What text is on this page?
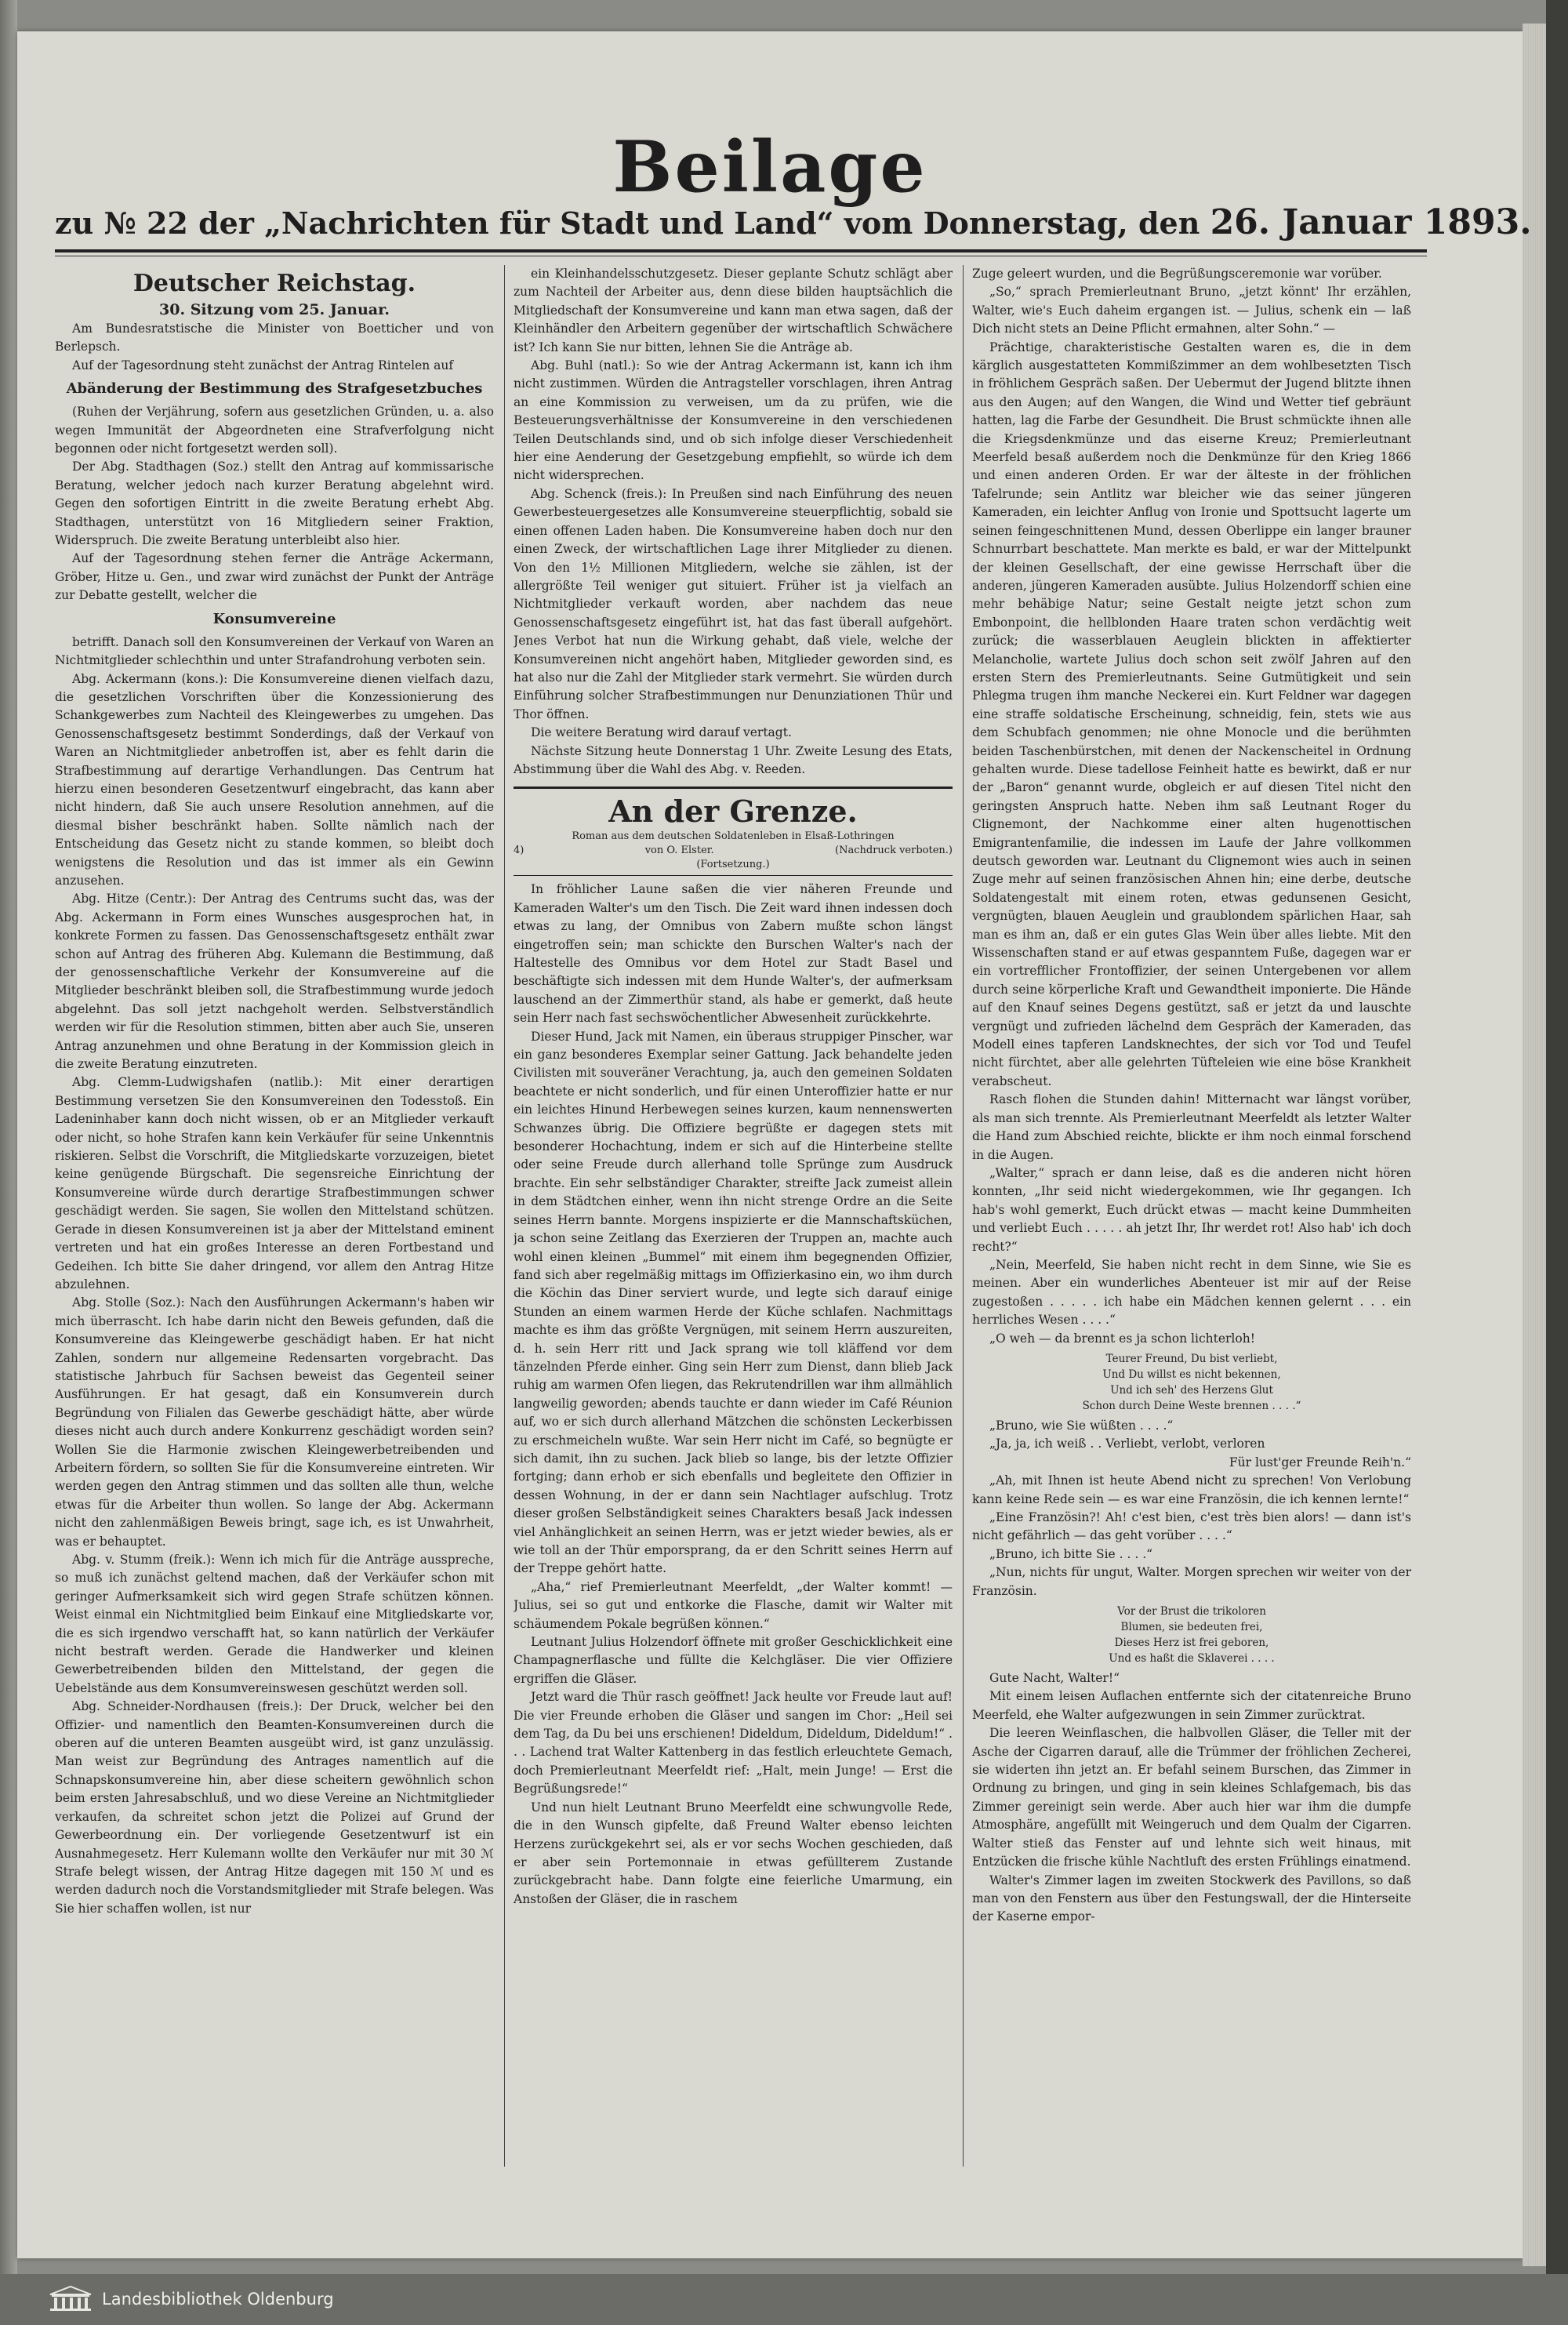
Beilage
zu № 22 der „Nachrichten für Stadt und Land“ vom Donnerstag, den 26. Januar 1893.
Deutscher Reichstag.
30. Sitzung vom 25. Januar.

Am Bundesratstische die Minister von Boetticher und von Berlepsch.

Auf der Tagesordnung steht zunächst der Antrag Rintelen auf

Abänderung der Bestimmung des Strafgesetzbuches

(Ruhen der Verjährung, sofern aus gesetzlichen Gründen, u. a. also wegen Immunität der Abgeordneten eine Strafverfolgung nicht begonnen oder nicht fortgesetzt werden soll).

Der Abg. Stadthagen (Soz.) stellt den Antrag auf kommissarische Beratung, welcher jedoch nach kurzer Beratung abgelehnt wird. Gegen den sofortigen Eintritt in die zweite Beratung erhebt Abg. Stadthagen, unterstützt von 16 Mitgliedern seiner Fraktion, Widerspruch. Die zweite Beratung unterbleibt also hier.

Auf der Tagesordnung stehen ferner die Anträge Ackermann, Gröber, Hitze u. Gen., und zwar wird zunächst der Punkt der Anträge zur Debatte gestellt, welcher die

Konsumvereine

betrifft. Danach soll den Konsumvereinen der Verkauf von Waren an Nichtmitglieder schlechthin und unter Strafandrohung verboten sein.

Abg. Ackermann (kons.): Die Konsumvereine dienen vielfach dazu, die gesetzlichen Vorschriften über die Konzessionierung des Schankgewerbes zum Nachteil des Kleingewerbes zu umgehen. Das Genossenschaftsgesetz bestimmt Sonderdings, daß der Verkauf von Waren an Nichtmitglieder anbetroffen ist, aber es fehlt darin die Strafbestimmung auf derartige Verhandlungen. Das Centrum hat hierzu einen besonderen Gesetzentwurf eingebracht, das kann aber nicht hindern, daß Sie auch unsere Resolution annehmen, auf die diesmal bisher beschränkt haben. Sollte nämlich nach der Entscheidung das Gesetz nicht zu stande kommen, so bleibt doch wenigstens die Resolution und das ist immer als ein Gewinn anzusehen.

Abg. Hitze (Centr.): Der Antrag des Centrums sucht das, was der Abg. Ackermann in Form eines Wunsches ausgesprochen hat, in konkrete Formen zu fassen. Das Genossenschaftsgesetz enthält zwar schon auf Antrag des früheren Abg. Kulemann die Bestimmung, daß der genossenschaftliche Verkehr der Konsumvereine auf die Mitglieder beschränkt bleiben soll, die Strafbestimmung wurde jedoch abgelehnt. Das soll jetzt nachgeholt werden. Selbstverständlich werden wir für die Resolution stimmen, bitten aber auch Sie, unseren Antrag anzunehmen und ohne Beratung in der Kommission gleich in die zweite Beratung einzutreten.

Abg. Clemm-Ludwigshafen (natlib.): Mit einer derartigen Bestimmung versetzen Sie den Konsumvereinen den Todesstoß. Ein Ladeninhaber kann doch nicht wissen, ob er an Mitglieder verkauft oder nicht, so hohe Strafen kann kein Verkäufer für seine Unkenntnis riskieren. Selbst die Vorschrift, die Mitgliedskarte vorzuzeigen, bietet keine genügende Bürgschaft. Die segensreiche Einrichtung der Konsumvereine würde durch derartige Strafbestimmungen schwer geschädigt werden. Sie sagen, Sie wollen den Mittelstand schützen. Gerade in diesen Konsumvereinen ist ja aber der Mittelstand eminent vertreten und hat ein großes Interesse an deren Fortbestand und Gedeihen. Ich bitte Sie daher dringend, vor allem den Antrag Hitze abzulehnen.

Abg. Stolle (Soz.): Nach den Ausführungen Ackermann's haben wir mich überrascht. Ich habe darin nicht den Beweis gefunden, daß die Konsumvereine das Kleingewerbe geschädigt haben. Er hat nicht Zahlen, sondern nur allgemeine Redensarten vorgebracht. Das statistische Jahrbuch für Sachsen beweist das Gegenteil seiner Ausführungen. Er hat gesagt, daß ein Konsumverein durch Begründung von Filialen das Gewerbe geschädigt hätte, aber würde dieses nicht auch durch andere Konkurrenz geschädigt worden sein? Wollen Sie die Harmonie zwischen Kleingewerbetreibenden und Arbeitern fördern, so sollten Sie für die Konsumvereine eintreten. Wir werden gegen den Antrag stimmen und das sollten alle thun, welche etwas für die Arbeiter thun wollen. So lange der Abg. Ackermann nicht den zahlenmäßigen Beweis bringt, sage ich, es ist Unwahrheit, was er behauptet.

Abg. v. Stumm (freik.): Wenn ich mich für die Anträge ausspreche, so muß ich zunächst geltend machen, daß der Verkäufer schon mit geringer Aufmerksamkeit sich wird gegen Strafe schützen können. Weist einmal ein Nichtmitglied beim Einkauf eine Mitgliedskarte vor, die es sich irgendwo verschafft hat, so kann natürlich der Verkäufer nicht bestraft werden. Gerade die Handwerker und kleinen Gewerbetreibenden bilden den Mittelstand, der gegen die Uebelstände aus dem Konsumvereinswesen geschützt werden soll.

Abg. Schneider-Nordhausen (freis.): Der Druck, welcher bei den Offizier- und namentlich den Beamten-Konsumvereinen durch die oberen auf die unteren Beamten ausgeübt wird, ist ganz unzulässig. Man weist zur Begründung des Antrages namentlich auf die Schnapskonsumvereine hin, aber diese scheitern gewöhnlich schon beim ersten Jahresabschluß, und wo diese Vereine an Nichtmitglieder verkaufen, da schreitet schon jetzt die Polizei auf Grund der Gewerbeordnung ein. Der vorliegende Gesetzentwurf ist ein Ausnahmegesetz. Herr Kulemann wollte den Verkäufer nur mit 30 ℳ Strafe belegt wissen, der Antrag Hitze dagegen mit 150 ℳ und es werden dadurch noch die Vorstandsmitglieder mit Strafe belegen. Was Sie hier schaffen wollen, ist nur

ein Kleinhandelsschutzgesetz. Dieser geplante Schutz schlägt aber zum Nachteil der Arbeiter aus, denn diese bilden hauptsächlich die Mitgliedschaft der Konsumvereine und kann man etwa sagen, daß der Kleinhändler den Arbeitern gegenüber der wirtschaftlich Schwächere ist? Ich kann Sie nur bitten, lehnen Sie die Anträge ab.

Abg. Buhl (natl.): So wie der Antrag Ackermann ist, kann ich ihm nicht zustimmen. Würden die Antragsteller vorschlagen, ihren Antrag an eine Kommission zu verweisen, um da zu prüfen, wie die Besteuerungsverhältnisse der Konsumvereine in den verschiedenen Teilen Deutschlands sind, und ob sich infolge dieser Verschiedenheit hier eine Aenderung der Gesetzgebung empfiehlt, so würde ich dem nicht widersprechen.

Abg. Schenck (freis.): In Preußen sind nach Einführung des neuen Gewerbesteuergesetzes alle Konsumvereine steuerpflichtig, sobald sie einen offenen Laden haben. Die Konsumvereine haben doch nur den einen Zweck, der wirtschaftlichen Lage ihrer Mitglieder zu dienen. Von den 1½ Millionen Mitgliedern, welche sie zählen, ist der allergrößte Teil weniger gut situiert. Früher ist ja vielfach an Nichtmitglieder verkauft worden, aber nachdem das neue Genossenschaftsgesetz eingeführt ist, hat das fast überall aufgehört. Jenes Verbot hat nun die Wirkung gehabt, daß viele, welche der Konsumvereinen nicht angehört haben, Mitglieder geworden sind, es hat also nur die Zahl der Mitglieder stark vermehrt. Sie würden durch Einführung solcher Strafbestimmungen nur Denunziationen Thür und Thor öffnen.

Die weitere Beratung wird darauf vertagt.

Nächste Sitzung heute Donnerstag 1 Uhr. Zweite Lesung des Etats, Abstimmung über die Wahl des Abg. v. Reeden.

An der Grenze.
Roman aus dem deutschen Soldatenleben in Elsaß-Lothringen
4)	von O. Elster.	(Nachdruck verboten.)
(Fortsetzung.)

In fröhlicher Laune saßen die vier näheren Freunde und Kameraden Walter's um den Tisch. Die Zeit ward ihnen indessen doch etwas zu lang, der Omnibus von Zabern mußte schon längst eingetroffen sein; man schickte den Burschen Walter's nach der Haltestelle des Omnibus vor dem Hotel zur Stadt Basel und beschäftigte sich indessen mit dem Hunde Walter's, der aufmerksam lauschend an der Zimmerthür stand, als habe er gemerkt, daß heute sein Herr nach fast sechswöchentlicher Abwesenheit zurückkehrte.

Dieser Hund, Jack mit Namen, ein überaus struppiger Pinscher, war ein ganz besonderes Exemplar seiner Gattung. Jack behandelte jeden Civilisten mit souveräner Verachtung, ja, auch den gemeinen Soldaten beachtete er nicht sonderlich, und für einen Unteroffizier hatte er nur ein leichtes Hinund Herbewegen seines kurzen, kaum nennenswerten Schwanzes übrig. Die Offiziere begrüßte er dagegen stets mit besonderer Hochachtung, indem er sich auf die Hinterbeine stellte oder seine Freude durch allerhand tolle Sprünge zum Ausdruck brachte. Ein sehr selbständiger Charakter, streifte Jack zumeist allein in dem Städtchen einher, wenn ihn nicht strenge Ordre an die Seite seines Herrn bannte. Morgens inspizierte er die Mannschaftsküchen, ja schon seine Zeitlang das Exerzieren der Truppen an, machte auch wohl einen kleinen „Bummel“ mit einem ihm begegnenden Offizier, fand sich aber regelmäßig mittags im Offizierkasino ein, wo ihm durch die Köchin das Diner serviert wurde, und legte sich darauf einige Stunden an einem warmen Herde der Küche schlafen. Nachmittags machte es ihm das größte Vergnügen, mit seinem Herrn auszureiten, d. h. sein Herr ritt und Jack sprang wie toll kläffend vor dem tänzelnden Pferde einher. Ging sein Herr zum Dienst, dann blieb Jack ruhig am warmen Ofen liegen, das Rekrutendrillen war ihm allmählich langweilig geworden; abends tauchte er dann wieder im Café Réunion auf, wo er sich durch allerhand Mätzchen die schönsten Leckerbissen zu erschmeicheln wußte. War sein Herr nicht im Café, so begnügte er sich damit, ihn zu suchen. Jack blieb so lange, bis der letzte Offizier fortging; dann erhob er sich ebenfalls und begleitete den Offizier in dessen Wohnung, in der er dann sein Nachtlager aufschlug. Trotz dieser großen Selbständigkeit seines Charakters besaß Jack indessen viel Anhänglichkeit an seinen Herrn, was er jetzt wieder bewies, als er wie toll an der Thür emporsprang, da er den Schritt seines Herrn auf der Treppe gehört hatte.

„Aha,“ rief Premierleutnant Meerfeldt, „der Walter kommt! — Julius, sei so gut und entkorke die Flasche, damit wir Walter mit schäumendem Pokale begrüßen können.“

Leutnant Julius Holzendorf öffnete mit großer Geschicklichkeit eine Champagnerflasche und füllte die Kelchgläser. Die vier Offiziere ergriffen die Gläser.

Jetzt ward die Thür rasch geöffnet! Jack heulte vor Freude laut auf! Die vier Freunde erhoben die Gläser und sangen im Chor: „Heil sei dem Tag, da Du bei uns erschienen! Dideldum, Dideldum, Dideldum!“ . . . Lachend trat Walter Kattenberg in das festlich erleuchtete Gemach, doch Premierleutnant Meerfeldt rief: „Halt, mein Junge! — Erst die Begrüßungsrede!“

Und nun hielt Leutnant Bruno Meerfeldt eine schwungvolle Rede, die in den Wunsch gipfelte, daß Freund Walter ebenso leichten Herzens zurückgekehrt sei, als er vor sechs Wochen geschieden, daß er aber sein Portemonnaie in etwas gefüllterem Zustande zurückgebracht habe. Dann folgte eine feierliche Umarmung, ein Anstoßen der Gläser, die in raschem

Zuge geleert wurden, und die Begrüßungsceremonie war vorüber.

„So,“ sprach Premierleutnant Bruno, „jetzt könnt' Ihr erzählen, Walter, wie's Euch daheim ergangen ist. — Julius, schenk ein — laß Dich nicht stets an Deine Pflicht ermahnen, alter Sohn.“ —

Prächtige, charakteristische Gestalten waren es, die in dem kärglich ausgestatteten Kommißzimmer an dem wohlbesetzten Tisch in fröhlichem Gespräch saßen. Der Uebermut der Jugend blitzte ihnen aus den Augen; auf den Wangen, die Wind und Wetter tief gebräunt hatten, lag die Farbe der Gesundheit. Die Brust schmückte ihnen alle die Kriegsdenkmünze und das eiserne Kreuz; Premierleutnant Meerfeld besaß außerdem noch die Denkmünze für den Krieg 1866 und einen anderen Orden. Er war der älteste in der fröhlichen Tafelrunde; sein Antlitz war bleicher wie das seiner jüngeren Kameraden, ein leichter Anflug von Ironie und Spottsucht lagerte um seinen feingeschnittenen Mund, dessen Oberlippe ein langer brauner Schnurrbart beschattete. Man merkte es bald, er war der Mittelpunkt der kleinen Gesellschaft, der eine gewisse Herrschaft über die anderen, jüngeren Kameraden ausübte. Julius Holzendorff schien eine mehr behäbige Natur; seine Gestalt neigte jetzt schon zum Embonpoint, die hellblonden Haare traten schon verdächtig weit zurück; die wasserblauen Aeuglein blickten in affektierter Melancholie, wartete Julius doch schon seit zwölf Jahren auf den ersten Stern des Premierleutnants. Seine Gutmütigkeit und sein Phlegma trugen ihm manche Neckerei ein. Kurt Feldner war dagegen eine straffe soldatische Erscheinung, schneidig, fein, stets wie aus dem Schubfach genommen; nie ohne Monocle und die berühmten beiden Taschenbürstchen, mit denen der Nackenscheitel in Ordnung gehalten wurde. Diese tadellose Feinheit hatte es bewirkt, daß er nur der „Baron“ genannt wurde, obgleich er auf diesen Titel nicht den geringsten Anspruch hatte. Neben ihm saß Leutnant Roger du Clignemont, der Nachkomme einer alten hugenottischen Emigrantenfamilie, die indessen im Laufe der Jahre vollkommen deutsch geworden war. Leutnant du Clignemont wies auch in seinen Zuge mehr auf seinen französischen Ahnen hin; eine derbe, deutsche Soldatengestalt mit einem roten, etwas gedunsenen Gesicht, vergnügten, blauen Aeuglein und graublondem spärlichen Haar, sah man es ihm an, daß er ein gutes Glas Wein über alles liebte. Mit den Wissenschaften stand er auf etwas gespanntem Fuße, dagegen war er ein vortrefflicher Frontoffizier, der seinen Untergebenen vor allem durch seine körperliche Kraft und Gewandtheit imponierte. Die Hände auf den Knauf seines Degens gestützt, saß er jetzt da und lauschte vergnügt und zufrieden lächelnd dem Gespräch der Kameraden, das Modell eines tapferen Landsknechtes, der sich vor Tod und Teufel nicht fürchtet, aber alle gelehrten Tüfteleien wie eine böse Krankheit verabscheut.

Rasch flohen die Stunden dahin! Mitternacht war längst vorüber, als man sich trennte. Als Premierleutnant Meerfeldt als letzter Walter die Hand zum Abschied reichte, blickte er ihm noch einmal forschend in die Augen.

„Walter,“ sprach er dann leise, daß es die anderen nicht hören konnten, „Ihr seid nicht wiedergekommen, wie Ihr gegangen. Ich hab's wohl gemerkt, Euch drückt etwas — macht keine Dummheiten und verliebt Euch . . . . . ah jetzt Ihr, Ihr werdet rot! Also hab' ich doch recht?“

„Nein, Meerfeld, Sie haben nicht recht in dem Sinne, wie Sie es meinen. Aber ein wunderliches Abenteuer ist mir auf der Reise zugestoßen . . . . . ich habe ein Mädchen kennen gelernt . . . ein herrliches Wesen . . . .“

„O weh — da brennt es ja schon lichterloh!

Teurer Freund, Du bist verliebt,
Und Du willst es nicht bekennen,
Und ich seh' des Herzens Glut
Schon durch Deine Weste brennen . . . .“

„Bruno, wie Sie wüßten . . . .“

„Ja, ja, ich weiß . . Verliebt, verlobt, verloren

Für lust'ger Freunde Reih'n.“

„Ah, mit Ihnen ist heute Abend nicht zu sprechen! Von Verlobung kann keine Rede sein — es war eine Französin, die ich kennen lernte!“

„Eine Französin?! Ah! c'est bien, c'est très bien alors! — dann ist's nicht gefährlich — das geht vorüber . . . .“

„Bruno, ich bitte Sie . . . .“

„Nun, nichts für ungut, Walter. Morgen sprechen wir weiter von der Französin.

Vor der Brust die trikoloren
Blumen, sie bedeuten frei,
Dieses Herz ist frei geboren,
Und es haßt die Sklaverei . . . .

Gute Nacht, Walter!“

Mit einem leisen Auflachen entfernte sich der citatenreiche Bruno Meerfeld, ehe Walter aufgezwungen in sein Zimmer zurücktrat.

Die leeren Weinflaschen, die halbvollen Gläser, die Teller mit der Asche der Cigarren darauf, alle die Trümmer der fröhlichen Zecherei, sie widerten ihn jetzt an. Er befahl seinem Burschen, das Zimmer in Ordnung zu bringen, und ging in sein kleines Schlafgemach, bis das Zimmer gereinigt sein werde. Aber auch hier war ihm die dumpfe Atmosphäre, angefüllt mit Weingeruch und dem Qualm der Cigarren. Walter stieß das Fenster auf und lehnte sich weit hinaus, mit Entzücken die frische kühle Nachtluft des ersten Frühlings einatmend.

Walter's Zimmer lagen im zweiten Stockwerk des Pavillons, so daß man von den Fenstern aus über den Festungswall, der die Hinterseite der Kaserne empor-

Landesbibliothek Oldenburg
